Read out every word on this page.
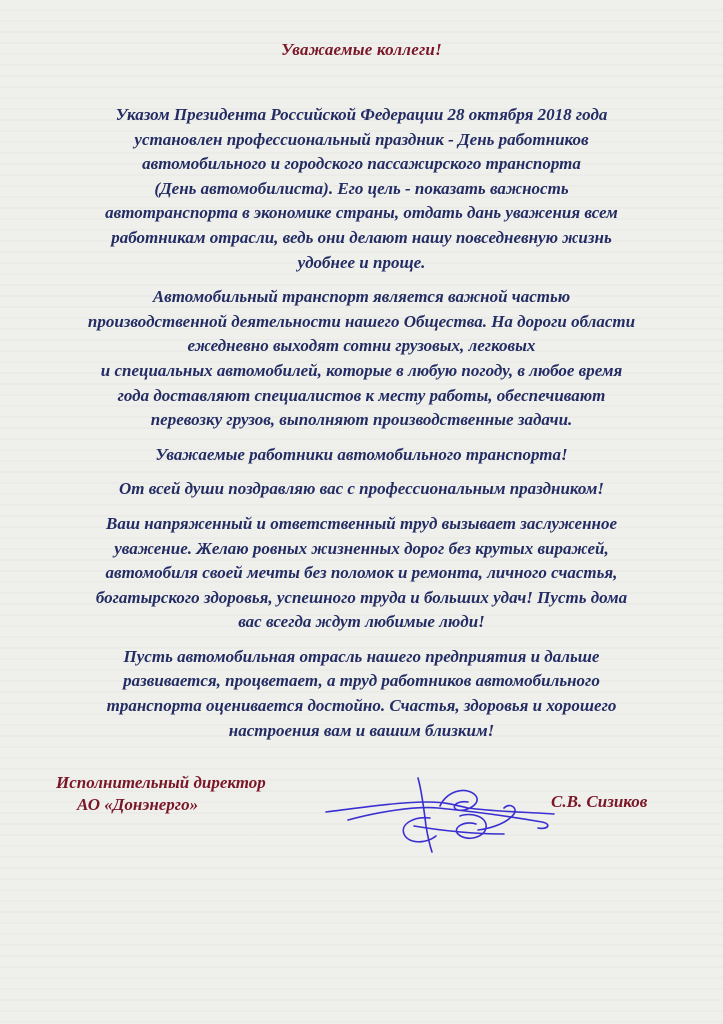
Уважаемые коллеги!

Указом Президента Российской Федерации 28 октября 2018 года
установлен профессиональный праздник - День работников
автомобильного и городского пассажирского транспорта
(День автомобилиста). Его цель - показать важность
автотранспорта в экономике страны, отдать дань уважения всем
работникам отрасли, ведь они делают нашу повседневную жизнь
удобнее и проще.

Автомобильный транспорт является важной частью
производственной деятельности нашего Общества. На дороги области
ежедневно выходят сотни грузовых, легковых
и специальных автомобилей, которые в любую погоду, в любое время
года доставляют специалистов к месту работы, обеспечивают
перевозку грузов, выполняют производственные задачи.

Уважаемые работники автомобильного транспорта!

От всей души поздравляю вас с профессиональным праздником!

Ваш напряженный и ответственный труд вызывает заслуженное
уважение. Желаю ровных жизненных дорог без крутых виражей,
автомобиля своей мечты без поломок и ремонта, личного счастья,
богатырского здоровья, успешного труда и больших удач! Пусть дома
вас всегда ждут любимые люди!

Пусть автомобильная отрасль нашего предприятия и дальше
развивается, процветает, а труд работников автомобильного
транспорта оценивается достойно. Счастья, здоровья и хорошего
настроения вам и вашим близким!

Исполнительный директор
АО «Донэнерго»	С.В. Сизиков
